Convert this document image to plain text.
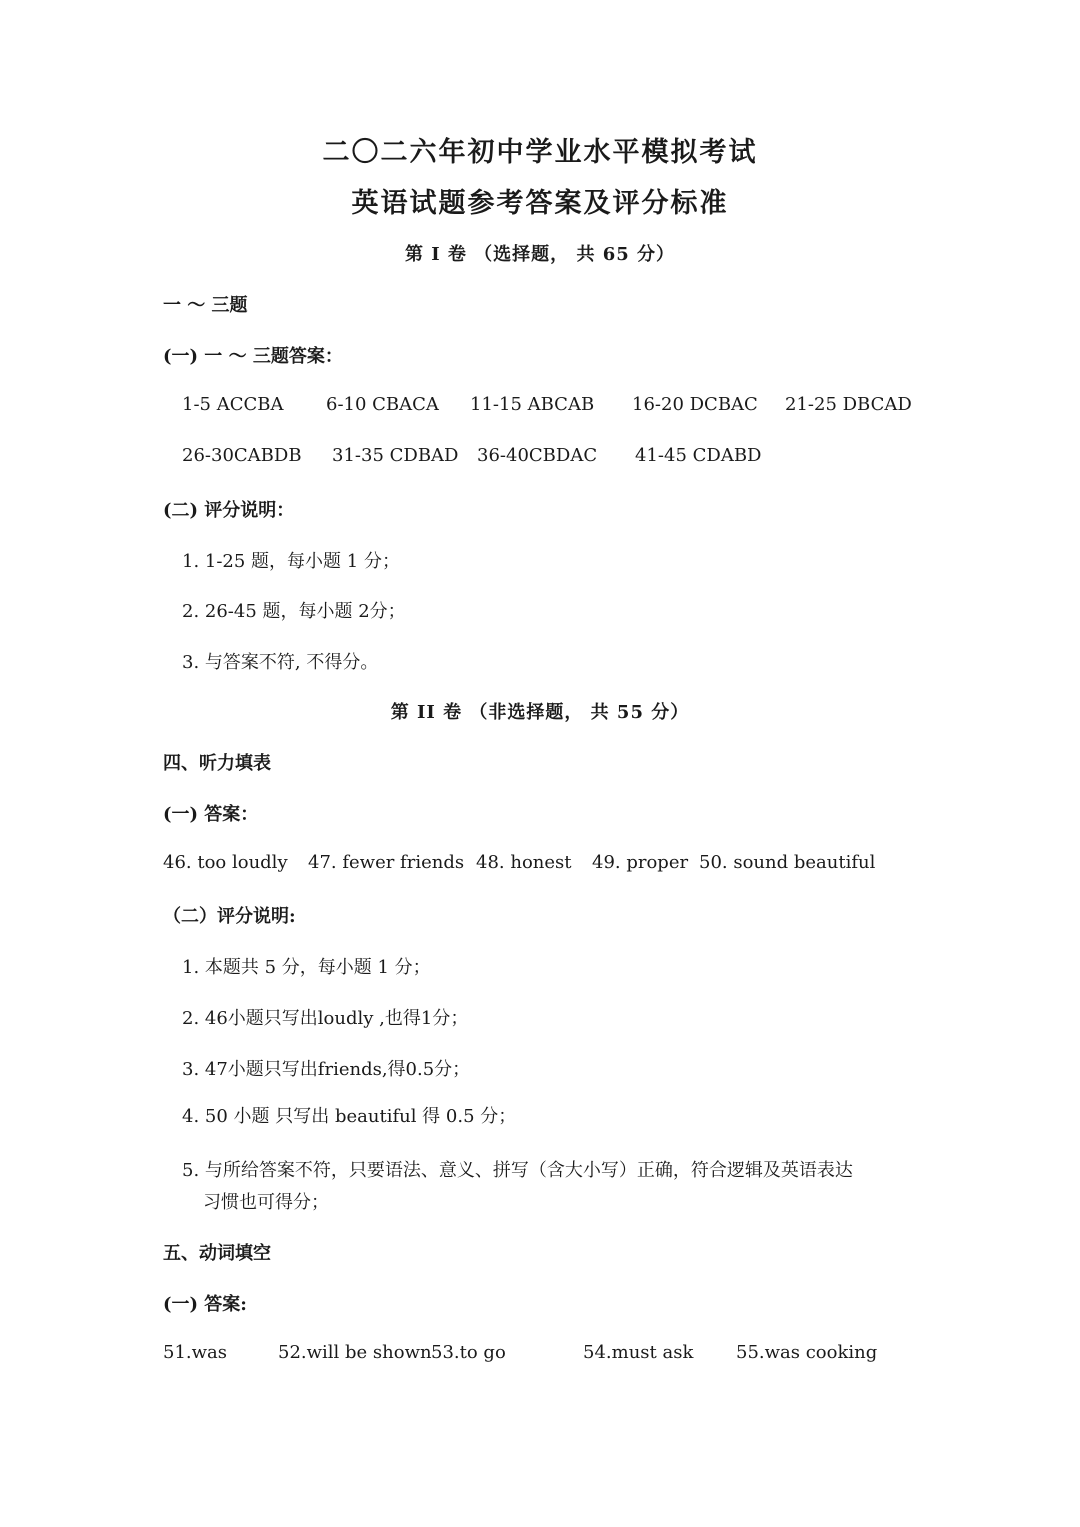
二〇二六年初中学业水平模拟考试
英语试题参考答案及评分标准
第 I 卷 （选择题， 共 65 分）
一 ～ 三题
(一) 一 ～ 三题答案：
1-5 ACCBA 6-10 CBACA 11-15 ABCAB 16-20 DCBAC 21-25 DBCAD
26-30CABDB 31-35 CDBAD 36-40CBDAC 41-45 CDABD
(二) 评分说明：
1. 1-25 题，每小题 1 分；
2. 26-45 题，每小题 2分；
3. 与答案不符, 不得分。
第 II 卷 （非选择题， 共 55 分）
四、听力填表
(一) 答案：
46. too loudly 47. fewer friends 48. honest 49. proper 50. sound beautiful
（二）评分说明:
1. 本题共 5 分，每小题 1 分；
2. 46小题只写出loudly ,也得1分；
3. 47小题只写出friends,得0.5分；
4. 50 小题 只写出 beautiful 得 0.5 分；
5. 与所给答案不符，只要语法、意义、拼写（含大小写）正确，符合逻辑及英语表达
习惯也可得分；
五、动词填空
(一) 答案:
51.was	52.will be shown 53.to go	54.must ask 55.was cooking
